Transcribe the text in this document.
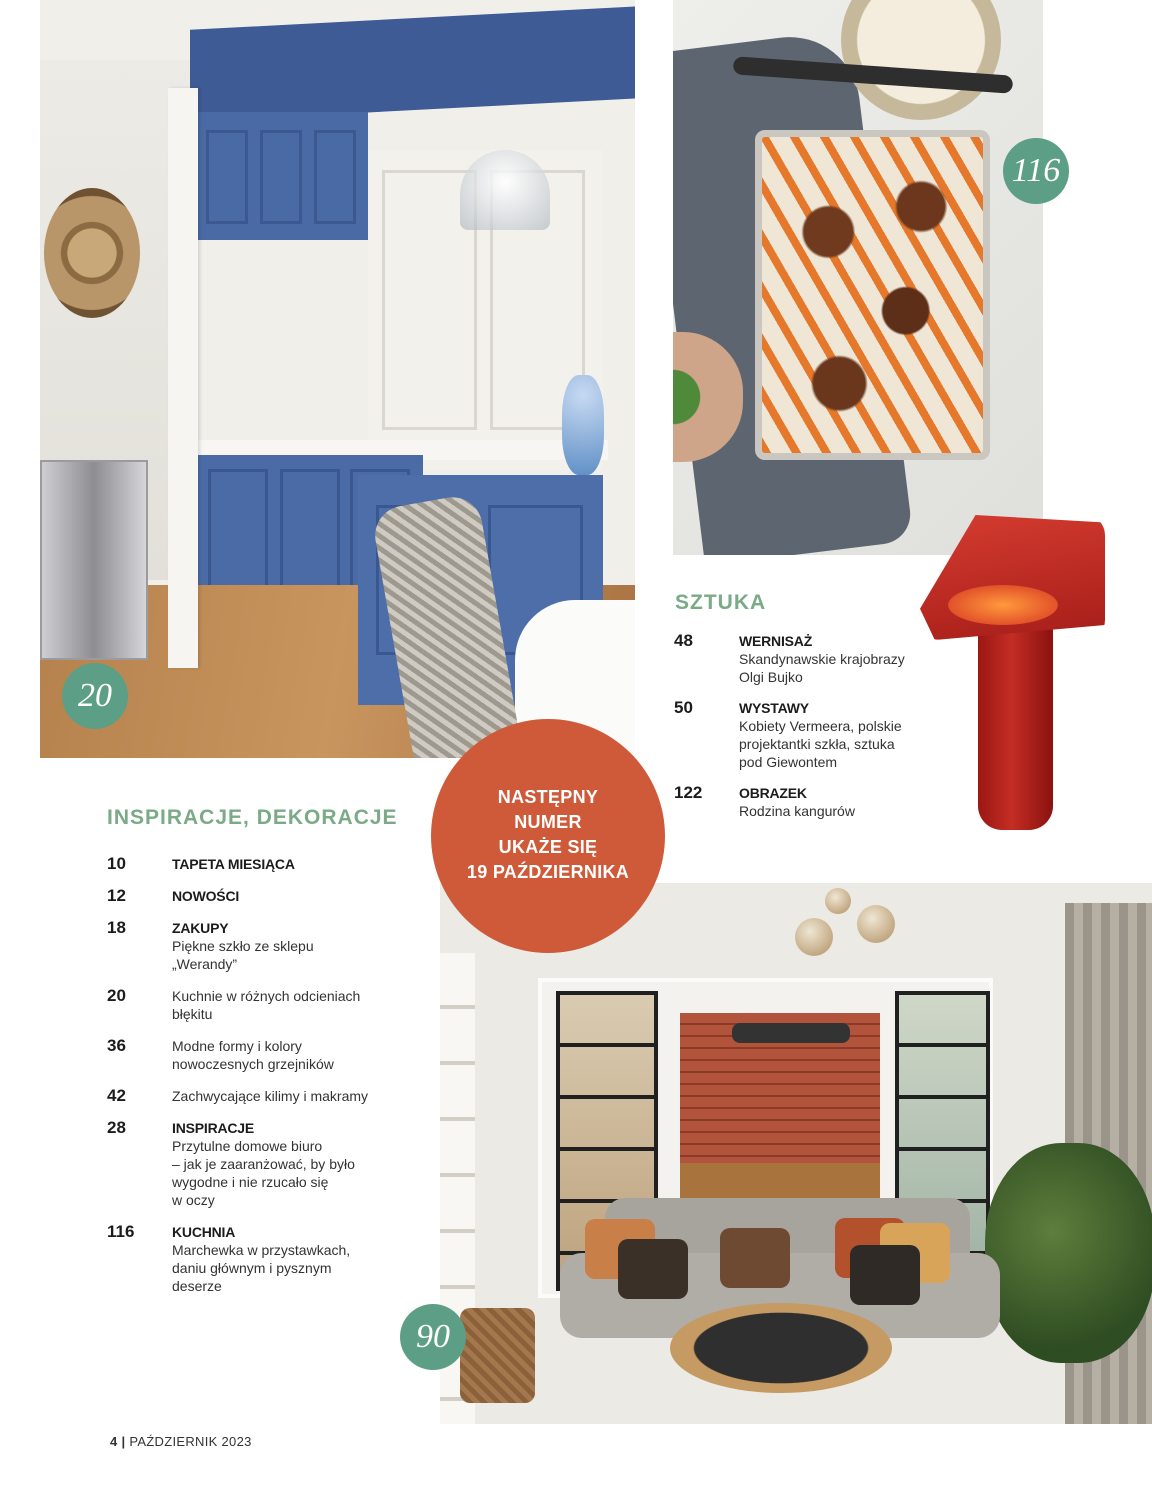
20
116
SZTUKA
48	WERNISAŻ
Skandynawskie krajobrazy
Olgi Bujko
50	WYSTAWY
Kobiety Vermeera, polskie
projektantki szkła, sztuka
pod Giewontem
122	OBRAZEK
Rodzina kangurów
NASTĘPNY
NUMER
UKAŻE SIĘ
19 PAŹDZIERNIKA
INSPIRACJE, DEKORACJE
10	TAPETA MIESIĄCA
12	NOWOŚCI
18	ZAKUPY
Piękne szkło ze sklepu
„Werandy”
20	Kuchnie w różnych odcieniach
błękitu
36	Modne formy i kolory
nowoczesnych grzejników
42	Zachwycające kilimy i makramy
28	INSPIRACJE
Przytulne domowe biuro
– jak je zaaranżować, by było
wygodne i nie rzucało się
w oczy
116	KUCHNIA
Marchewka w przystawkach,
daniu głównym i pysznym
deserze
90
4 | PAŹDZIERNIK 2023
